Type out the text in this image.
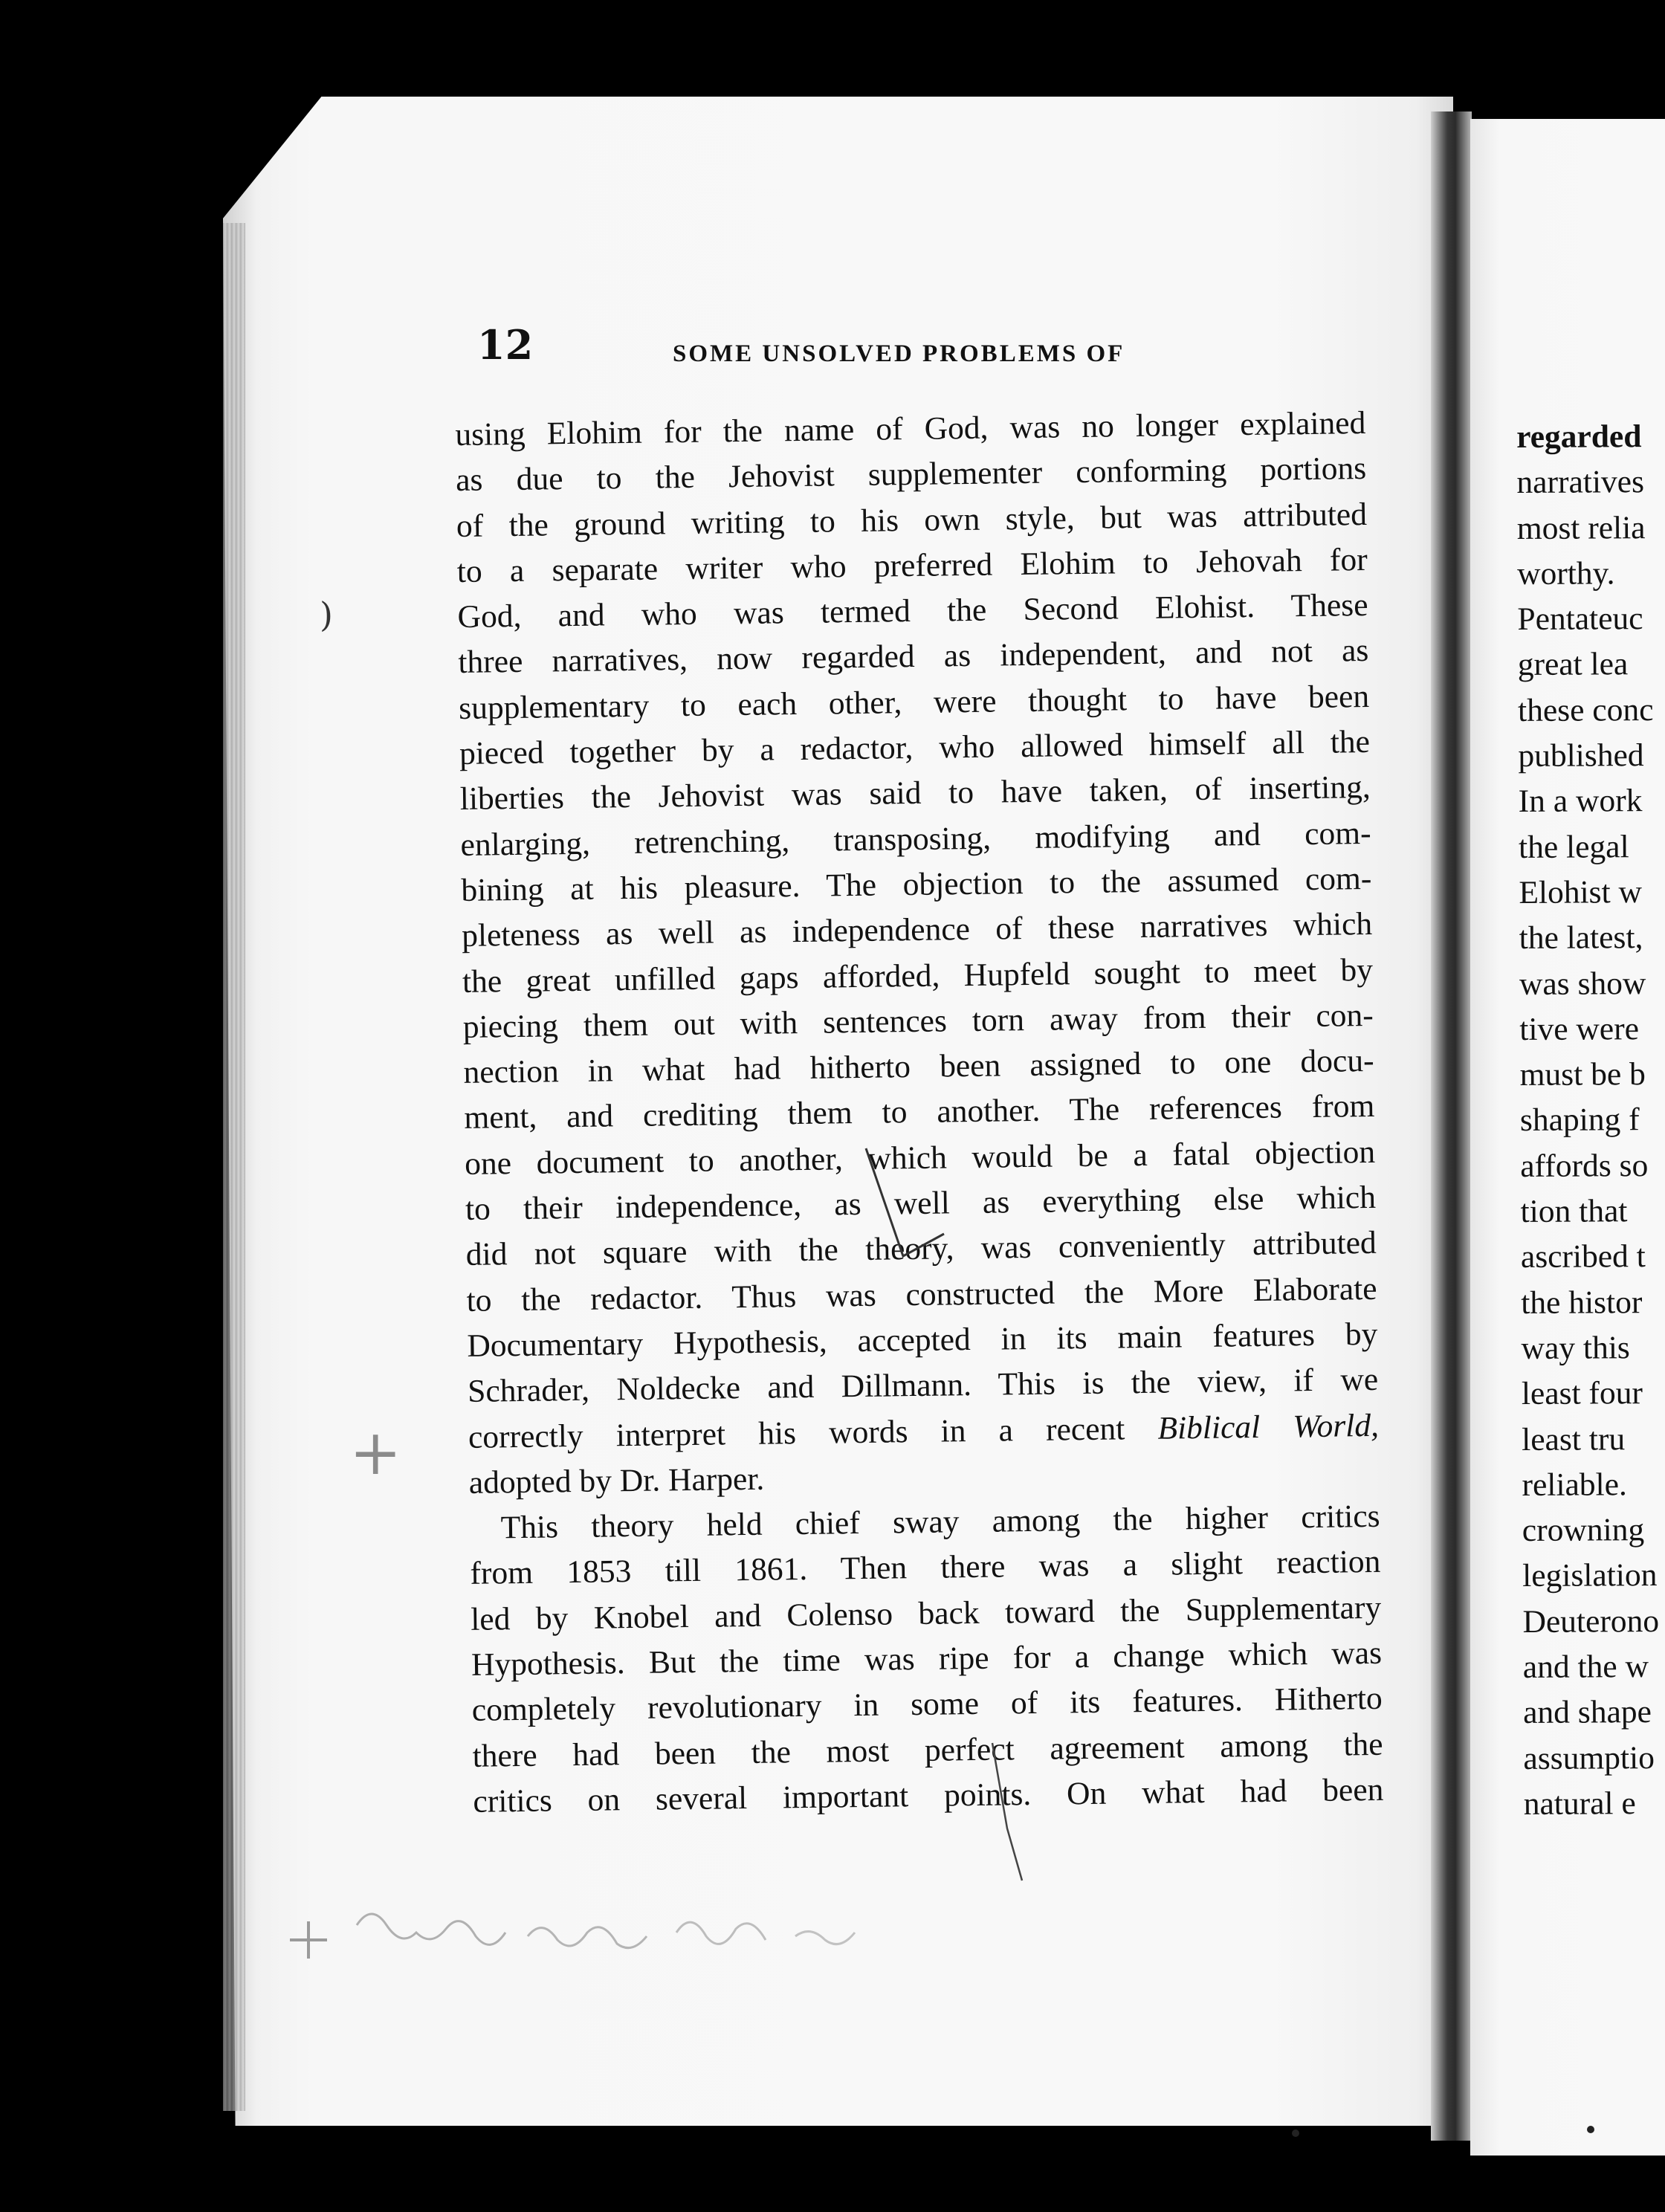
12	SOME UNSOLVED PROBLEMS OF
using Elohim for the name of God, was no longer explained
as due to the Jehovist supplementer conforming portions
of the ground writing to his own style, but was attributed
to a separate writer who preferred Elohim to Jehovah for
God, and who was termed the Second Elohist. These
three narratives, now regarded as independent, and not as
supplementary to each other, were thought to have been
pieced together by a redactor, who allowed himself all the
liberties the Jehovist was said to have taken, of inserting,
enlarging, retrenching, transposing, modifying and com-
bining at his pleasure. The objection to the assumed com-
pleteness as well as independence of these narratives which
the great unfilled gaps afforded, Hupfeld sought to meet by
piecing them out with sentences torn away from their con-
nection in what had hitherto been assigned to one docu-
ment, and crediting them to another. The references from
one document to another, which would be a fatal objection
to their independence, as well as everything else which
did not square with the theory, was conveniently attributed
to the redactor. Thus was constructed the More Elaborate
Documentary Hypothesis, accepted in its main features by
Schrader, Noldecke and Dillmann. This is the view, if we
correctly interpret his words in a recent Biblical World,
adopted by Dr. Harper.
This theory held chief sway among the higher critics
from 1853 till 1861. Then there was a slight reaction
led by Knobel and Colenso back toward the Supplementary
Hypothesis. But the time was ripe for a change which was
completely revolutionary in some of its features. Hitherto
there had been the most perfect agreement among the
critics on several important points. On what had been
regarded
narratives
most relia
worthy.
Pentateuc
great lea
these conc
published
In a work
the legal
Elohist w
the latest,
was show
tive were
must be b
shaping f
affords so
tion that
ascribed t
the histor
way this
least four
least tru
reliable.
crowning
legislation
Deuterono
and the w
and shape
assumptio
natural e
)
+
